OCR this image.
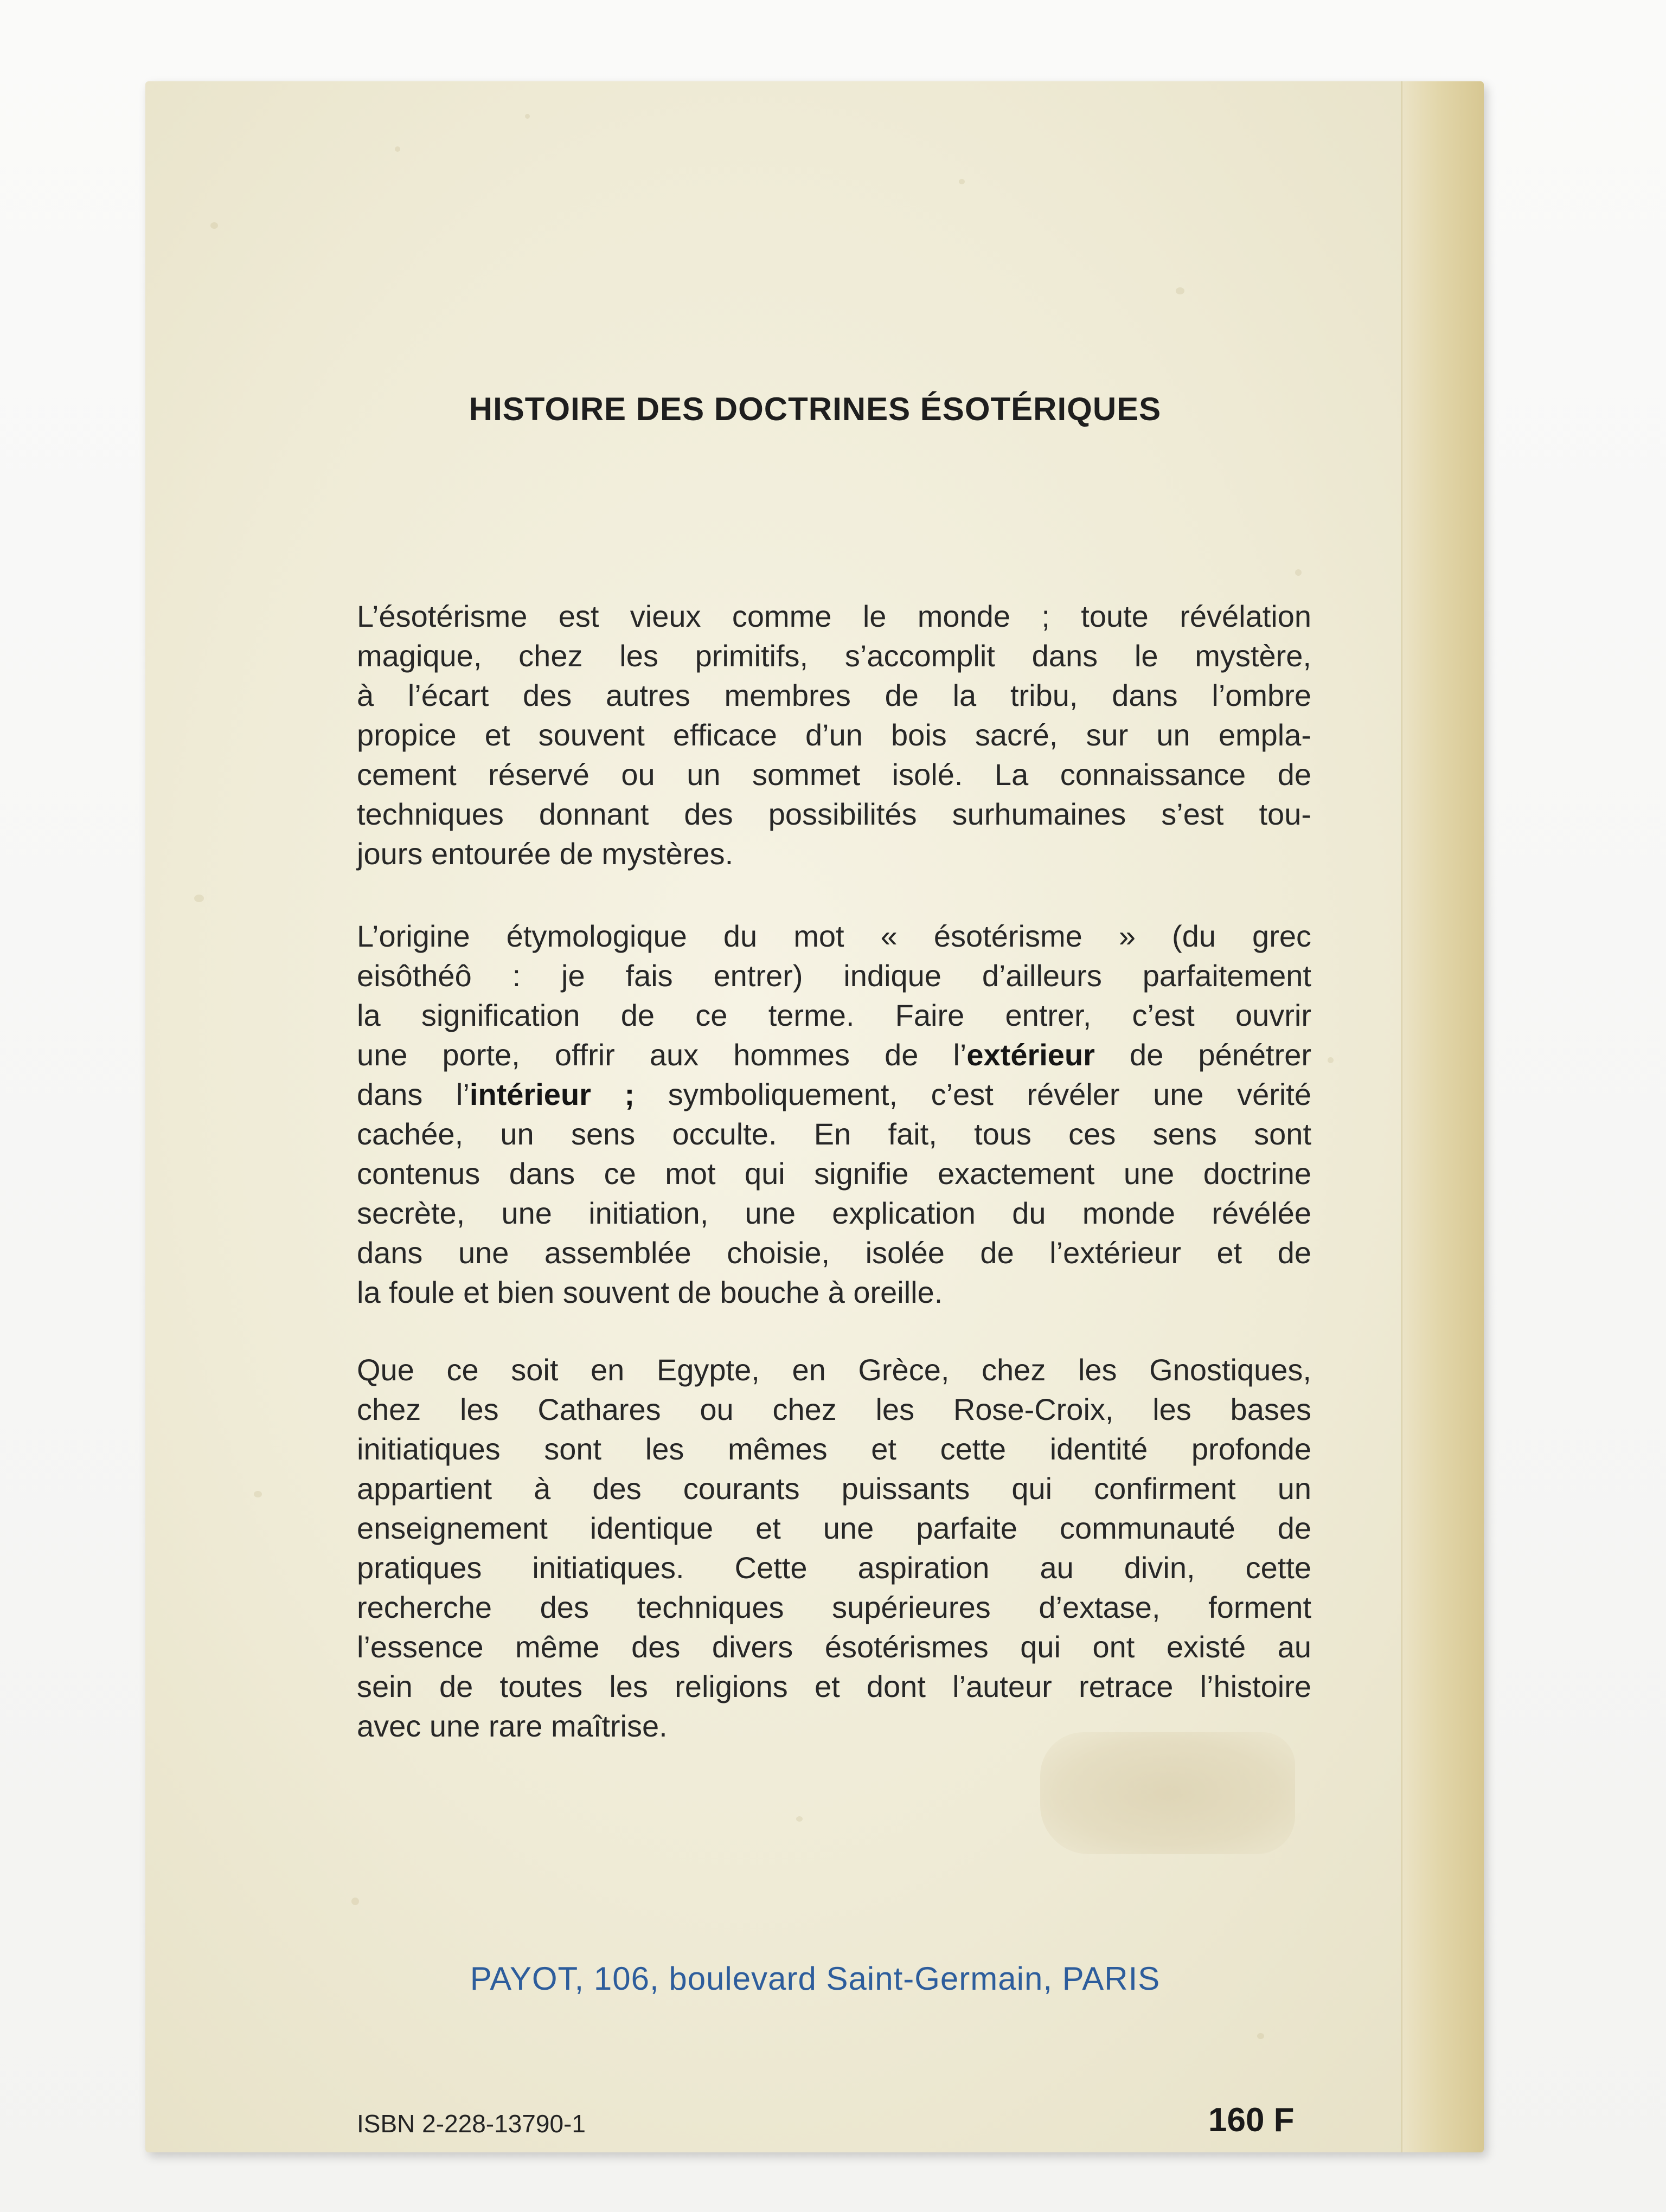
HISTOIRE DES DOCTRINES ÉSOTÉRIQUES
L’ésotérisme est vieux comme le monde ; toute révélation
magique, chez les primitifs, s’accomplit dans le mystère,
à l’écart des autres membres de la tribu, dans l’ombre
propice et souvent efficace d’un bois sacré, sur un empla-
cement réservé ou un sommet isolé. La connaissance de
techniques donnant des possibilités surhumaines s’est tou-
jours entourée de mystères.
L’origine étymologique du mot « ésotérisme » (du grec
eisôthéô : je fais entrer) indique d’ailleurs parfaitement
la signification de ce terme. Faire entrer, c’est ouvrir
une porte, offrir aux hommes de l’extérieur de pénétrer
dans l’intérieur ; symboliquement, c’est révéler une vérité
cachée, un sens occulte. En fait, tous ces sens sont
contenus dans ce mot qui signifie exactement une doctrine
secrète, une initiation, une explication du monde révélée
dans une assemblée choisie, isolée de l’extérieur et de
la foule et bien souvent de bouche à oreille.
Que ce soit en Egypte, en Grèce, chez les Gnostiques,
chez les Cathares ou chez les Rose-Croix, les bases
initiatiques sont les mêmes et cette identité profonde
appartient à des courants puissants qui confirment un
enseignement identique et une parfaite communauté de
pratiques initiatiques. Cette aspiration au divin, cette
recherche des techniques supérieures d’extase, forment
l’essence même des divers ésotérismes qui ont existé au
sein de toutes les religions et dont l’auteur retrace l’histoire
avec une rare maîtrise.
PAYOT, 106, boulevard Saint-Germain, PARIS
ISBN 2-228-13790-1	160 F
